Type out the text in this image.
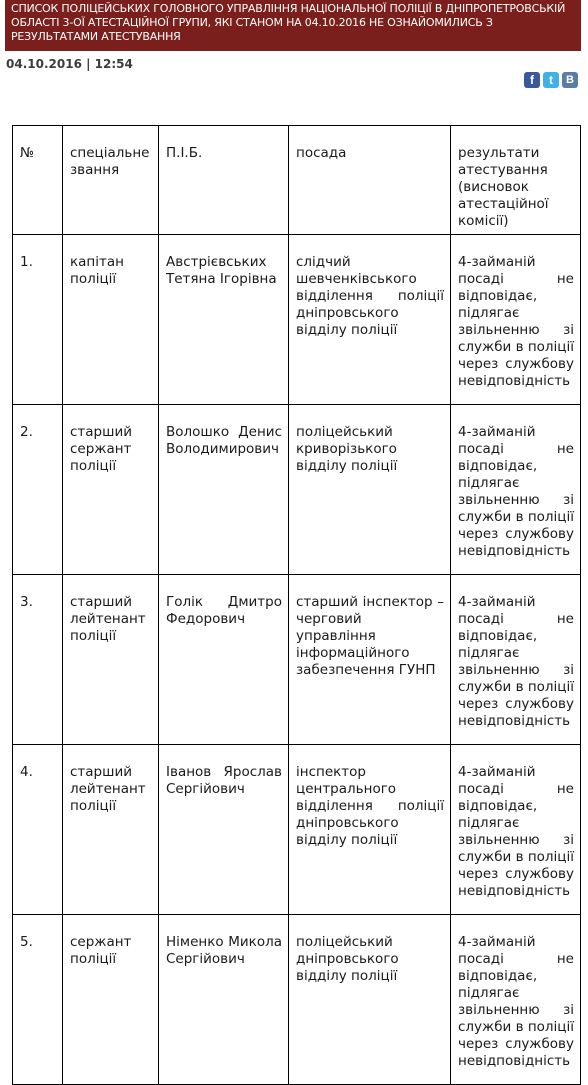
СПИСОК ПОЛІЦЕЙСЬКИХ ГОЛОВНОГО УПРАВЛІННЯ НАЦІОНАЛЬНОЇ ПОЛІЦІЇ В ДНІПРОПЕТРОВСЬКІЙ ОБЛАСТІ 3-ОЇ АТЕСТАЦІЙНОЇ ГРУПИ, ЯКІ СТАНОМ НА 04.10.2016 НЕ ОЗНАЙОМИЛИСЬ З РЕЗУЛЬТАТАМИ АТЕСТУВАННЯ
04.10.2016 | 12:54
f	t	B
№	спеціальне звання	П.І.Б.	посада	результати атестування (висновок атестаційної комісії)
1.	капітан поліції	Австрієвських Тетяна Ігорівна	слідчий шевченківського відділення поліції дніпровського відділу поліції	4-займаній посаді не відповідає, підлягає звільненню зі служби в поліції через службову невідповідність
2.	старший сержант поліції	Волошко Денис Володимирович	поліцейський криворізького відділу поліції	4-займаній посаді не відповідає, підлягає звільненню зі служби в поліції через службову невідповідність
3.	старший лейтенант поліції	Голік Дмитро Федорович	старший інспектор – черговий управління інформаційного забезпечення ГУНП	4-займаній посаді не відповідає, підлягає звільненню зі служби в поліції через службову невідповідність
4.	старший лейтенант поліції	Іванов Ярослав Сергійович	інспектор центрального відділення поліції дніпровського відділу поліції	4-займаній посаді не відповідає, підлягає звільненню зі служби в поліції через службову невідповідність
5.	сержант поліції	Німенко Микола Сергійович	поліцейський дніпровського відділу поліції	4-займаній посаді не відповідає, підлягає звільненню зі служби в поліції через службову невідповідність
